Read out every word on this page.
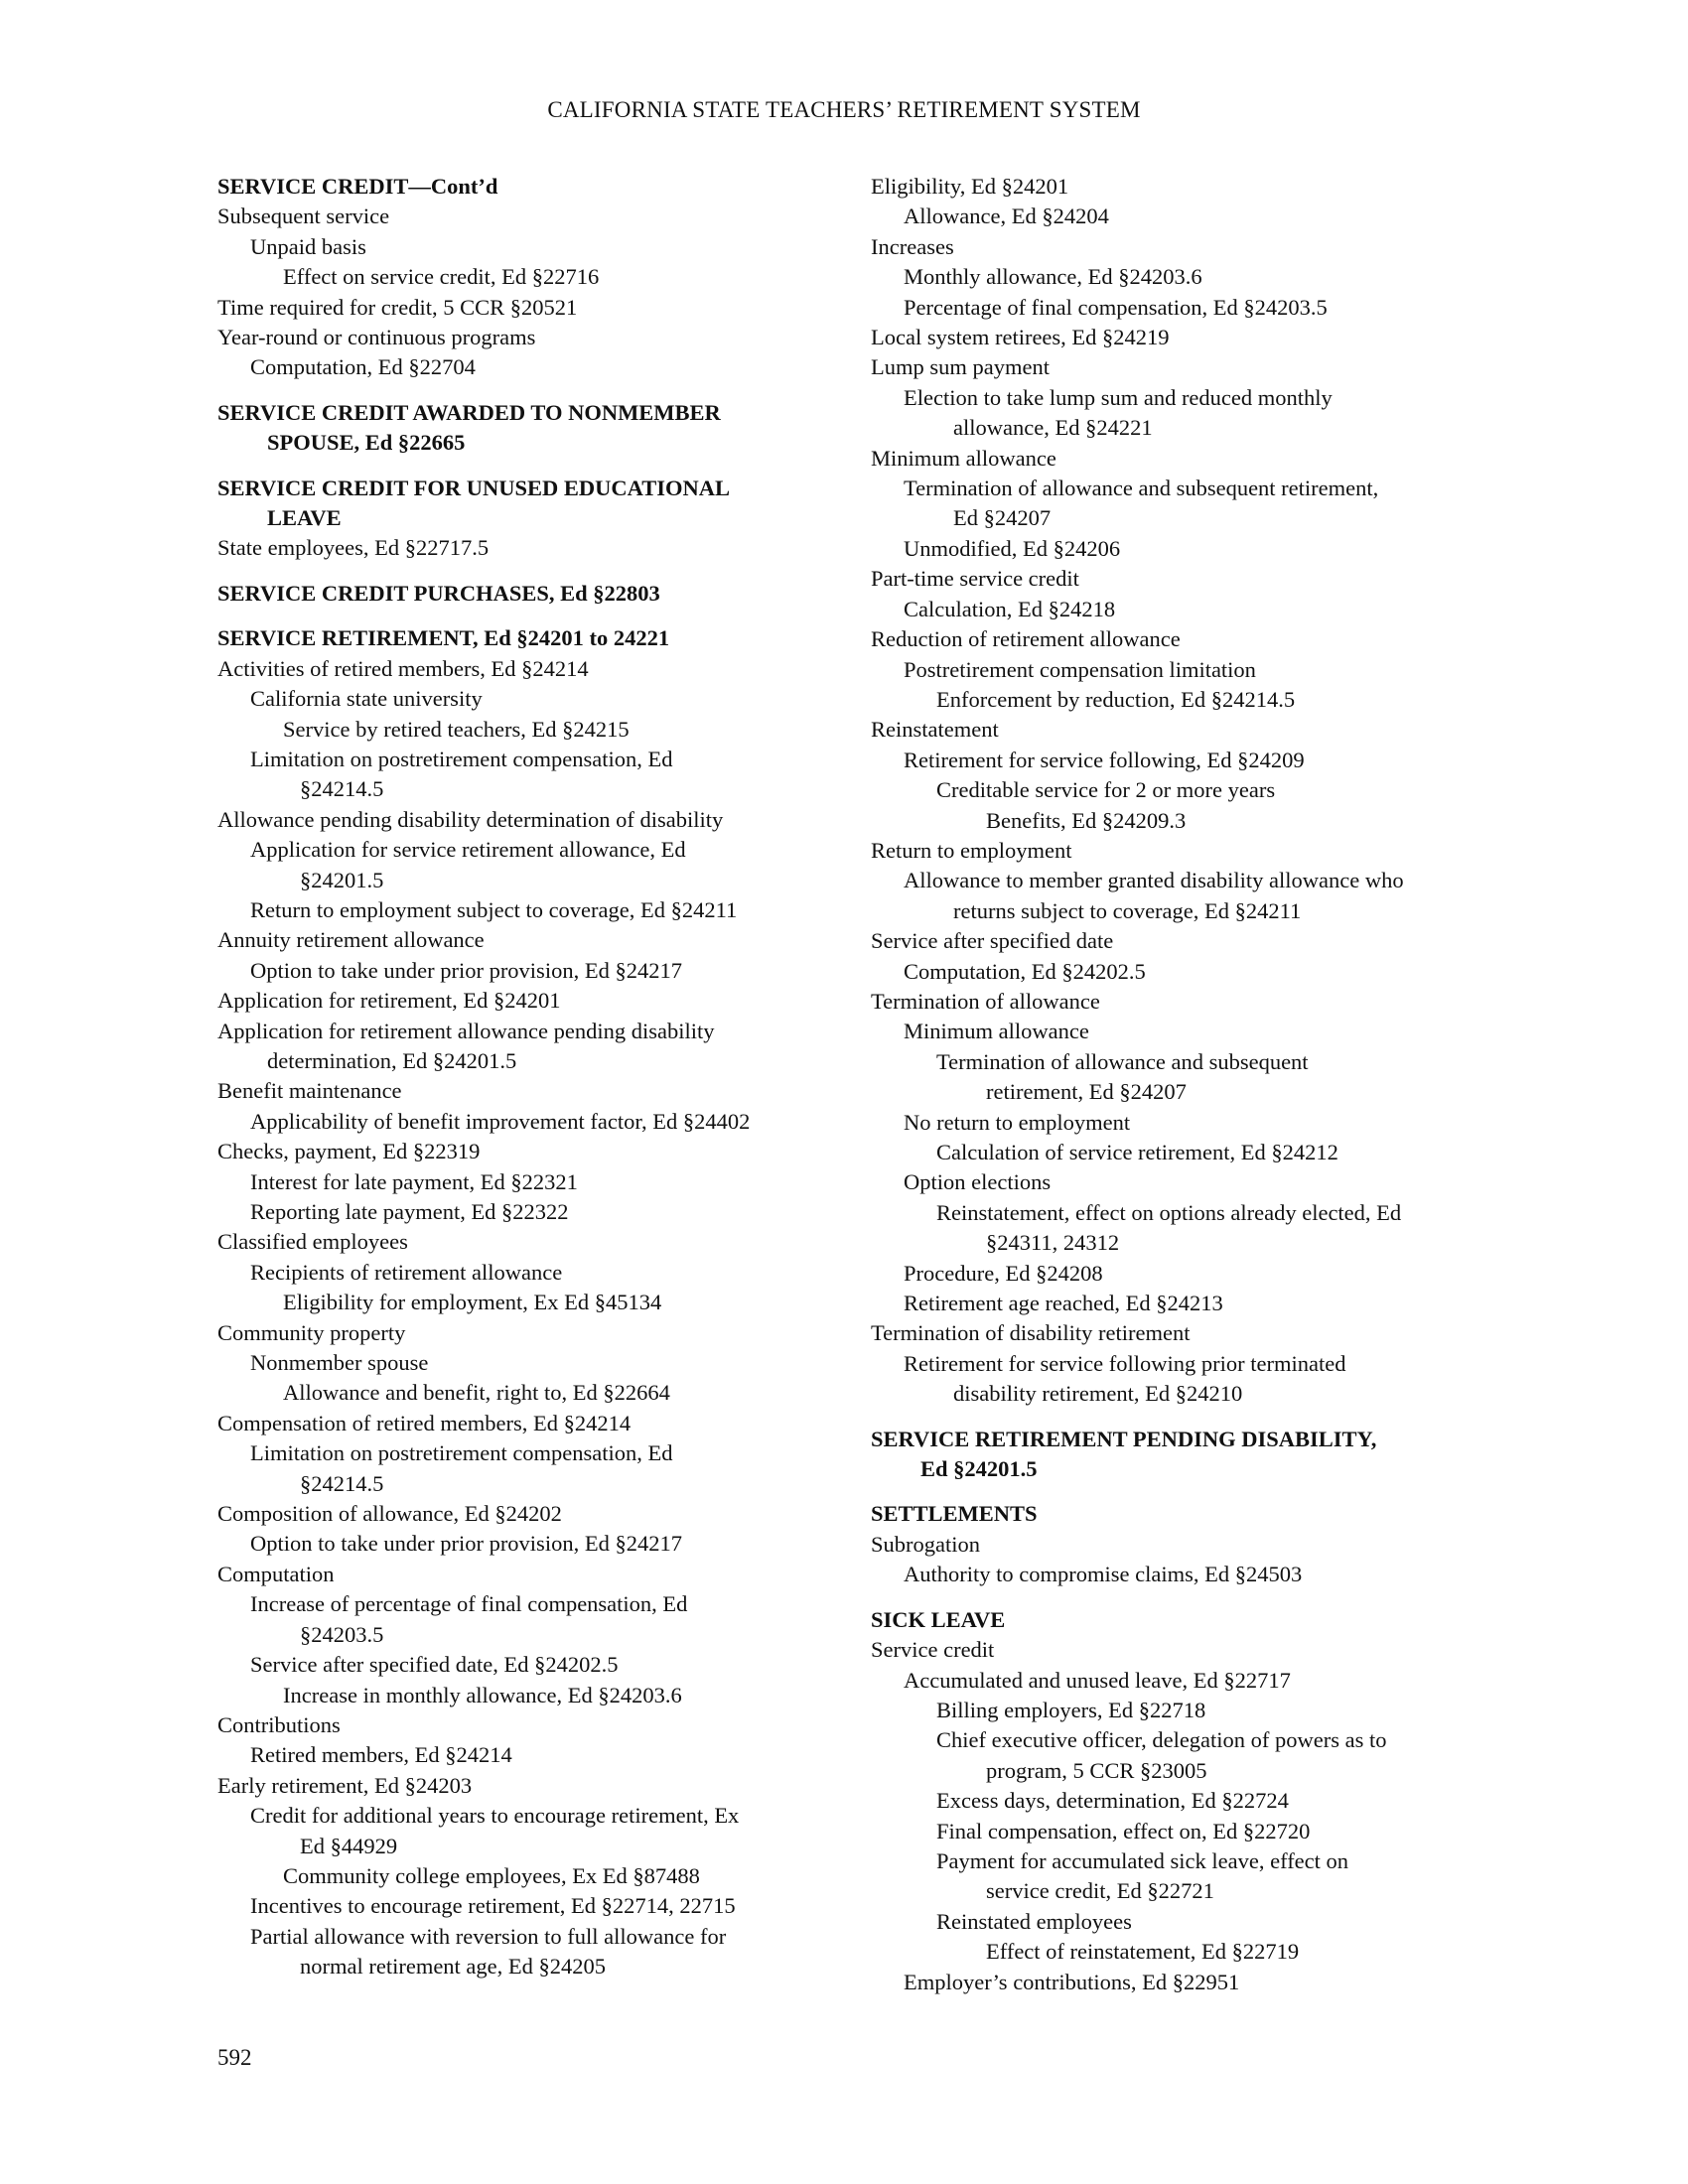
CALIFORNIA STATE TEACHERS’ RETIREMENT SYSTEM
SERVICE CREDIT—Cont’d
Subsequent service
Unpaid basis
Effect on service credit, Ed §22716
Time required for credit, 5 CCR §20521
Year-round or continuous programs
Computation, Ed §22704
SERVICE CREDIT AWARDED TO NONMEMBER
SPOUSE, Ed §22665
SERVICE CREDIT FOR UNUSED EDUCATIONAL
LEAVE
State employees, Ed §22717.5
SERVICE CREDIT PURCHASES, Ed §22803
SERVICE RETIREMENT, Ed §24201 to 24221
Activities of retired members, Ed §24214
California state university
Service by retired teachers, Ed §24215
Limitation on postretirement compensation, Ed
§24214.5
Allowance pending disability determination of disability
Application for service retirement allowance, Ed
§24201.5
Return to employment subject to coverage, Ed §24211
Annuity retirement allowance
Option to take under prior provision, Ed §24217
Application for retirement, Ed §24201
Application for retirement allowance pending disability
determination, Ed §24201.5
Benefit maintenance
Applicability of benefit improvement factor, Ed §24402
Checks, payment, Ed §22319
Interest for late payment, Ed §22321
Reporting late payment, Ed §22322
Classified employees
Recipients of retirement allowance
Eligibility for employment, Ex Ed §45134
Community property
Nonmember spouse
Allowance and benefit, right to, Ed §22664
Compensation of retired members, Ed §24214
Limitation on postretirement compensation, Ed
§24214.5
Composition of allowance, Ed §24202
Option to take under prior provision, Ed §24217
Computation
Increase of percentage of final compensation, Ed
§24203.5
Service after specified date, Ed §24202.5
Increase in monthly allowance, Ed §24203.6
Contributions
Retired members, Ed §24214
Early retirement, Ed §24203
Credit for additional years to encourage retirement, Ex
Ed §44929
Community college employees, Ex Ed §87488
Incentives to encourage retirement, Ed §22714, 22715
Partial allowance with reversion to full allowance for
normal retirement age, Ed §24205
Eligibility, Ed §24201
Allowance, Ed §24204
Increases
Monthly allowance, Ed §24203.6
Percentage of final compensation, Ed §24203.5
Local system retirees, Ed §24219
Lump sum payment
Election to take lump sum and reduced monthly
allowance, Ed §24221
Minimum allowance
Termination of allowance and subsequent retirement,
Ed §24207
Unmodified, Ed §24206
Part-time service credit
Calculation, Ed §24218
Reduction of retirement allowance
Postretirement compensation limitation
Enforcement by reduction, Ed §24214.5
Reinstatement
Retirement for service following, Ed §24209
Creditable service for 2 or more years
Benefits, Ed §24209.3
Return to employment
Allowance to member granted disability allowance who
returns subject to coverage, Ed §24211
Service after specified date
Computation, Ed §24202.5
Termination of allowance
Minimum allowance
Termination of allowance and subsequent
retirement, Ed §24207
No return to employment
Calculation of service retirement, Ed §24212
Option elections
Reinstatement, effect on options already elected, Ed
§24311, 24312
Procedure, Ed §24208
Retirement age reached, Ed §24213
Termination of disability retirement
Retirement for service following prior terminated
disability retirement, Ed §24210
SERVICE RETIREMENT PENDING DISABILITY,
Ed §24201.5
SETTLEMENTS
Subrogation
Authority to compromise claims, Ed §24503
SICK LEAVE
Service credit
Accumulated and unused leave, Ed §22717
Billing employers, Ed §22718
Chief executive officer, delegation of powers as to
program, 5 CCR §23005
Excess days, determination, Ed §22724
Final compensation, effect on, Ed §22720
Payment for accumulated sick leave, effect on
service credit, Ed §22721
Reinstated employees
Effect of reinstatement, Ed §22719
Employer’s contributions, Ed §22951
592
